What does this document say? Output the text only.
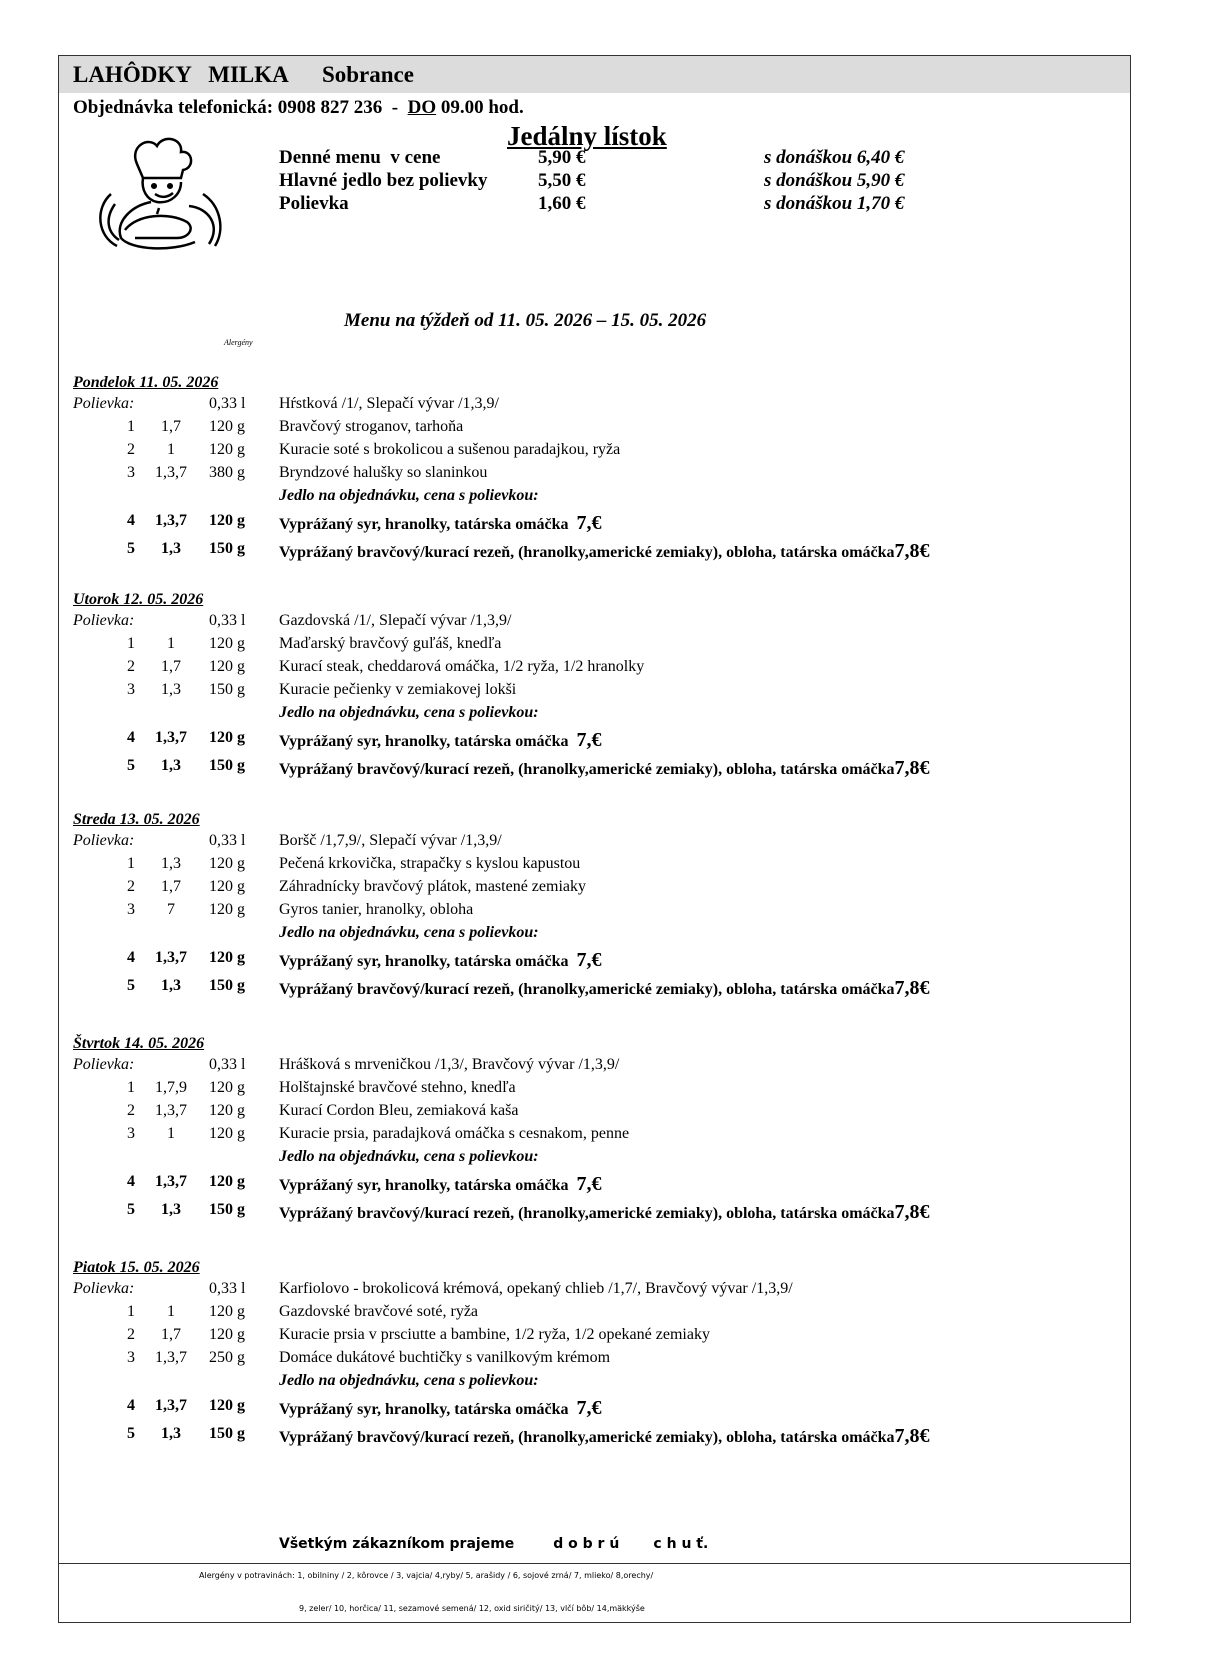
LAHÔDKY   MILKA      Sobrance
Objednávka telefonická: 0908 827 236  -  DO 09.00 hod.
Jedálny lístok
Denné menu  v cene	5,90 €	s donáškou 6,40 €
Hlavné jedlo bez polievky	5,50 €	s donáškou 5,90 €
Polievka	1,60 €	s donáškou 1,70 €
Menu na týždeň od 11. 05. 2026 – 15. 05. 2026
Alergény
Pondelok 11. 05. 2026
Polievka:	0,33 l Hŕstková /1/, Slepačí vývar /1,3,9/
1	1,7	120 g Bravčový stroganov, tarhoňa
2	1	120 g Kuracie soté s brokolicou a sušenou paradajkou, ryža
3	1,3,7	380 g Bryndzové halušky so slaninkou
Jedlo na objednávku, cena s polievkou:
4	1,3,7	120 g Vyprážaný syr, hranolky, tatárska omáčka  7,€
5	1,3	150 g Vyprážaný bravčový/kurací rezeň, (hranolky,americké zemiaky), obloha, tatárska omáčka7,8€
Utorok 12. 05. 2026
Polievka:	0,33 l Gazdovská /1/, Slepačí vývar /1,3,9/
1	1	120 g Maďarský bravčový guľáš, knedľa
2	1,7	120 g Kurací steak, cheddarová omáčka, 1/2 ryža, 1/2 hranolky
3	1,3	150 g Kuracie pečienky v zemiakovej lokši
Jedlo na objednávku, cena s polievkou:
4	1,3,7	120 g Vyprážaný syr, hranolky, tatárska omáčka  7,€
5	1,3	150 g Vyprážaný bravčový/kurací rezeň, (hranolky,americké zemiaky), obloha, tatárska omáčka7,8€
Streda 13. 05. 2026
Polievka:	0,33 l Boršč /1,7,9/, Slepačí vývar /1,3,9/
1	1,3	120 g Pečená krkovička, strapačky s kyslou kapustou
2	1,7	120 g Záhradnícky bravčový plátok, mastené zemiaky
3	7	120 g Gyros tanier, hranolky, obloha
Jedlo na objednávku, cena s polievkou:
4	1,3,7	120 g Vyprážaný syr, hranolky, tatárska omáčka  7,€
5	1,3	150 g Vyprážaný bravčový/kurací rezeň, (hranolky,americké zemiaky), obloha, tatárska omáčka7,8€
Štvrtok 14. 05. 2026
Polievka:	0,33 l Hrášková s mrveničkou /1,3/, Bravčový vývar /1,3,9/
1	1,7,9	120 g Holštajnské bravčové stehno, knedľa
2	1,3,7	120 g Kurací Cordon Bleu, zemiaková kaša
3	1	120 g Kuracie prsia, paradajková omáčka s cesnakom, penne
Jedlo na objednávku, cena s polievkou:
4	1,3,7	120 g Vyprážaný syr, hranolky, tatárska omáčka  7,€
5	1,3	150 g Vyprážaný bravčový/kurací rezeň, (hranolky,americké zemiaky), obloha, tatárska omáčka7,8€
Piatok 15. 05. 2026
Polievka:	0,33 l Karfiolovo - brokolicová krémová, opekaný chlieb /1,7/, Bravčový vývar /1,3,9/
1	1	120 g Gazdovské bravčové soté, ryža
2	1,7	120 g Kuracie prsia v prsciutte a bambine, 1/2 ryža, 1/2 opekané zemiaky
3	1,3,7	250 g Domáce dukátové buchtičky s vanilkovým krémom
Jedlo na objednávku, cena s polievkou:
4	1,3,7	120 g Vyprážaný syr, hranolky, tatárska omáčka  7,€
5	1,3	150 g Vyprážaný bravčový/kurací rezeň, (hranolky,americké zemiaky), obloha, tatárska omáčka7,8€
Všetkým zákazníkom prajeme        d o b r ú       c h u ť.
Alergény v potravinách: 1, obilniny / 2, kôrovce / 3, vajcia/ 4,ryby/ 5, arašidy / 6, sojové zrná/ 7, mlieko/ 8,orechy/
9, zeler/ 10, horčica/ 11, sezamové semená/ 12, oxid siričitý/ 13, vlčí bôb/ 14,mäkkýše
